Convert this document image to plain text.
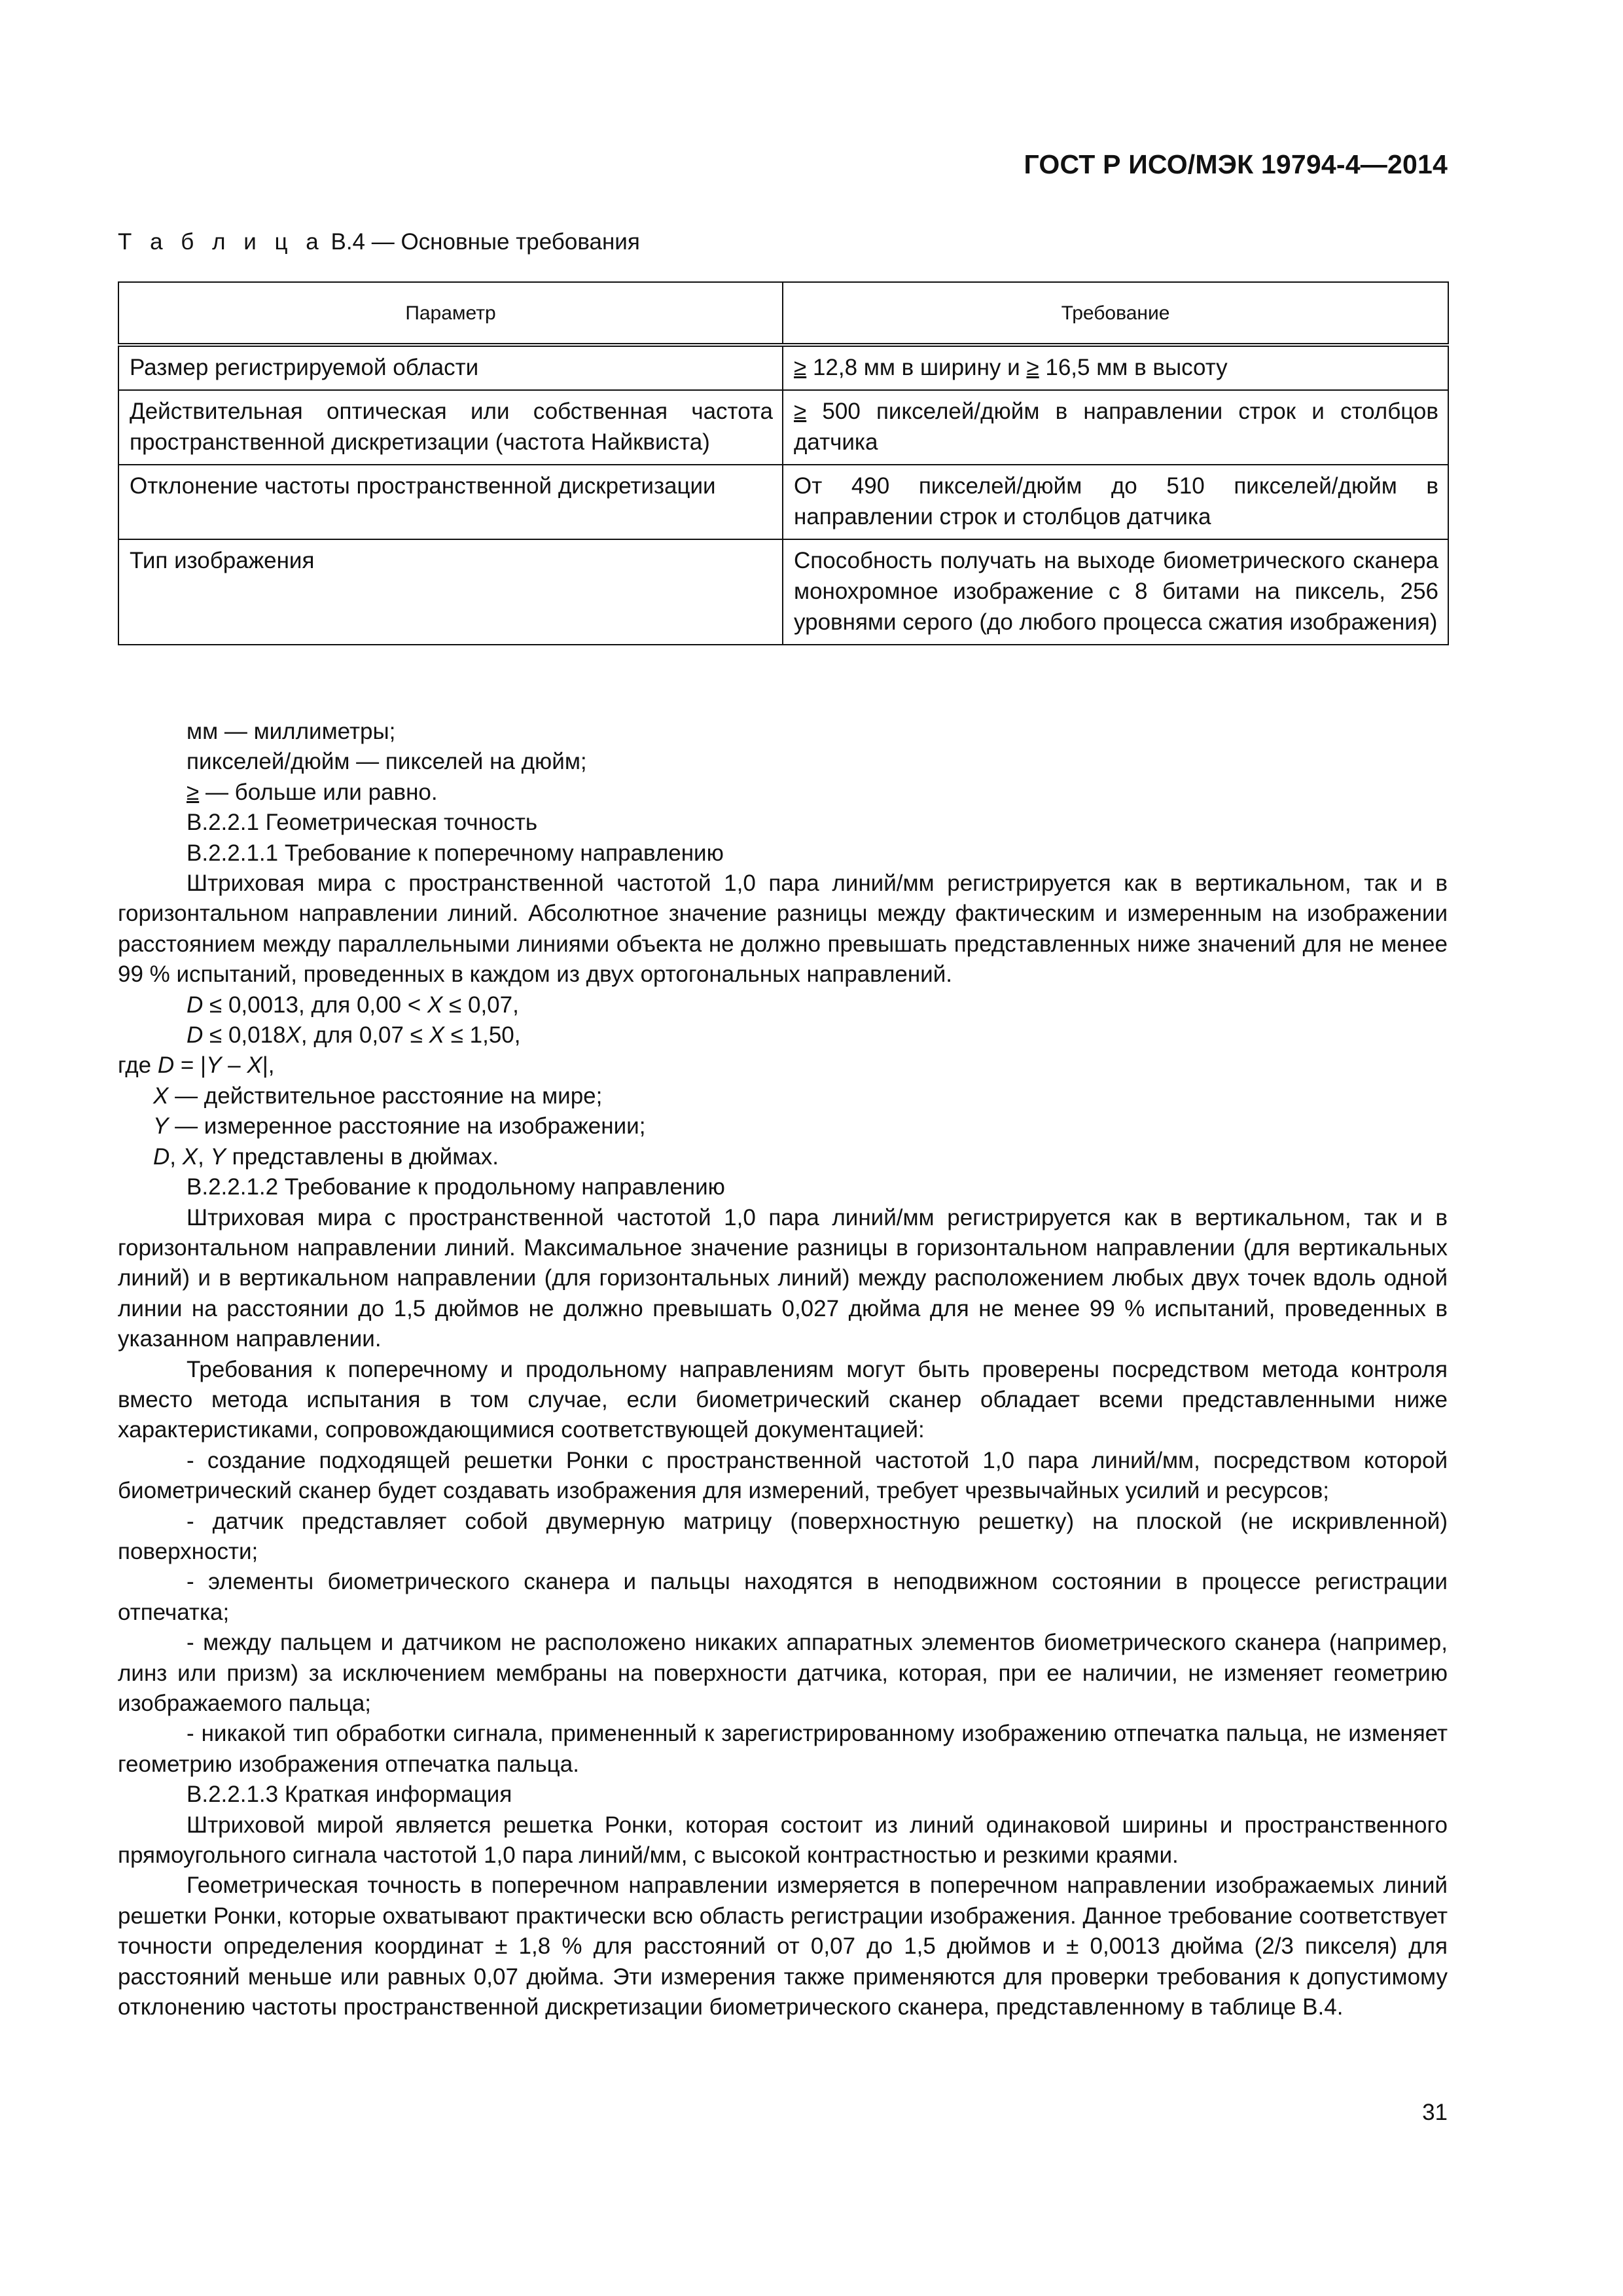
ГОСТ Р ИСО/МЭК 19794-4—2014
Т а б л и ц а В.4 — Основные требования
Параметр	Требование
Размер регистрируемой области	≥ 12,8 мм в ширину и ≥ 16,5 мм в высоту
Действительная оптическая или собственная частота пространственной дискретизации (частота Найквиста)	≥ 500 пикселей/дюйм в направлении строк и столбцов датчика
Отклонение частоты пространственной дискретизации	От 490 пикселей/дюйм до 510 пикселей/дюйм в направлении строк и столбцов датчика
Тип изображения	Способность получать на выходе биометрического сканера монохромное изображение с 8 битами на пиксель, 256 уровнями серого (до любого процесса сжатия изображения)

мм — миллиметры;

пикселей/дюйм — пикселей на дюйм;

≥ — больше или равно.

В.2.2.1 Геометрическая точность

В.2.2.1.1 Требование к поперечному направлению

Штриховая мира с пространственной частотой 1,0 пара линий/мм регистрируется как в вертикальном, так и в горизонтальном направлении линий. Абсолютное значение разницы между фактическим и измеренным на изображении расстоянием между параллельными линиями объекта не должно превышать представленных ниже значений для не менее 99 % испытаний, проведенных в каждом из двух ортогональных направлений.

D ≤ 0,0013, для 0,00 < X ≤ 0,07,

D ≤ 0,018X, для 0,07 ≤ X ≤ 1,50,

где D = |Y – X|,

X — действительное расстояние на мире;

Y — измеренное расстояние на изображении;

D, X, Y представлены в дюймах.

В.2.2.1.2 Требование к продольному направлению

Штриховая мира с пространственной частотой 1,0 пара линий/мм регистрируется как в вертикальном, так и в горизонтальном направлении линий. Максимальное значение разницы в горизонтальном направлении (для вертикальных линий) и в вертикальном направлении (для горизонтальных линий) между расположением любых двух точек вдоль одной линии на расстоянии до 1,5 дюймов не должно превышать 0,027 дюйма для не менее 99 % испытаний, проведенных в указанном направлении.

Требования к поперечному и продольному направлениям могут быть проверены посредством метода контроля вместо метода испытания в том случае, если биометрический сканер обладает всеми представленными ниже характеристиками, сопровождающимися соответствующей документацией:

- создание подходящей решетки Ронки с пространственной частотой 1,0 пара линий/мм, посредством которой биометрический сканер будет создавать изображения для измерений, требует чрезвычайных усилий и ресурсов;

- датчик представляет собой двумерную матрицу (поверхностную решетку) на плоской (не искривленной) поверхности;

- элементы биометрического сканера и пальцы находятся в неподвижном состоянии в процессе регистрации отпечатка;

- между пальцем и датчиком не расположено никаких аппаратных элементов биометрического сканера (например, линз или призм) за исключением мембраны на поверхности датчика, которая, при ее наличии, не изменяет геометрию изображаемого пальца;

- никакой тип обработки сигнала, примененный к зарегистрированному изображению отпечатка пальца, не изменяет геометрию изображения отпечатка пальца.

В.2.2.1.3 Краткая информация

Штриховой мирой является решетка Ронки, которая состоит из линий одинаковой ширины и пространственного прямоугольного сигнала частотой 1,0 пара линий/мм, с высокой контрастностью и резкими краями.

Геометрическая точность в поперечном направлении измеряется в поперечном направлении изображаемых линий решетки Ронки, которые охватывают практически всю область регистрации изображения. Данное требование соответствует точности определения координат ± 1,8 % для расстояний от 0,07 до 1,5 дюймов и ± 0,0013 дюйма (2/3 пикселя) для расстояний меньше или равных 0,07 дюйма. Эти измерения также применяются для проверки требования к допустимому отклонению частоты пространственной дискретизации биометрического сканера, представленному в таблице В.4.

31
